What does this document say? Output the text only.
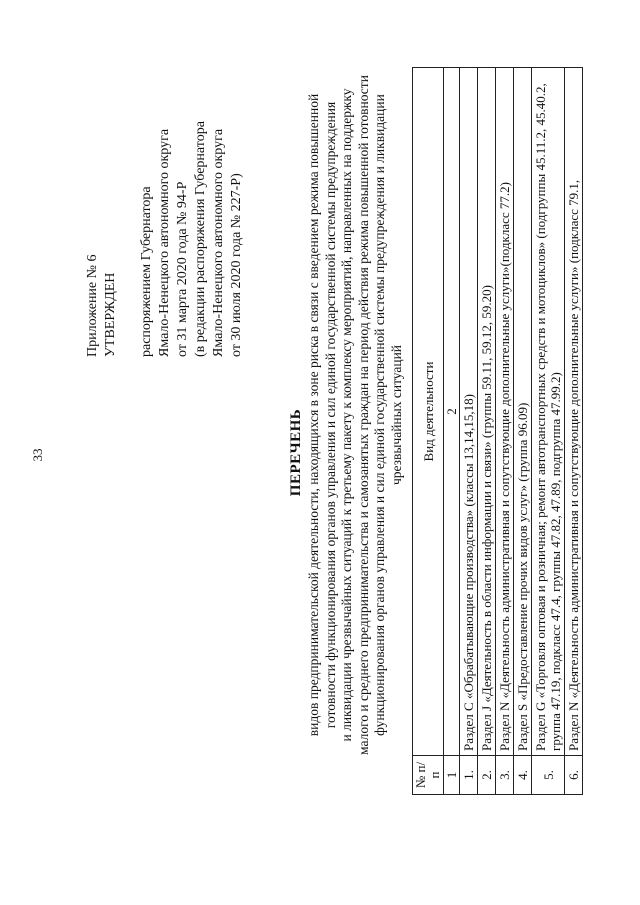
33
Приложение № 6 УТВЕРЖДЕН распоряжением Губернатора Ямало-Ненецкого автономного округа от 31 марта 2020 года № 94-Р (в редакции распоряжения Губернатора Ямало-Ненецкого автономного округа от 30 июля 2020 года № 227-Р)
ПЕРЕЧЕНЬ видов предпринимательской деятельности, находящихся в зоне риска в связи с введением режима повышенной готовности функционирования органов управления и сил единой государственной системы предупреждения и ликвидации чрезвычайных ситуаций к третьему пакету к комплексу мероприятий, направленных на поддержку малого и среднего предпринимательства и самозанятых граждан на период действия режима повышенной готовности функционирования органов управления и сил единой государственной системы предупреждения и ликвидации чрезвычайных ситуаций
№ п/п	Вид деятельности
1	2
1.	Раздел С «Обрабатывающие производства» (классы 13,14,15,18)
2.	Раздел J «Деятельность в области информации и связи» (группы 59.11, 59.12, 59.20)
3.	Раздел N «Деятельность административная и сопутствующие дополнительные услуги»(подкласс 77.2)
4.	Раздел S «Предоставление прочих видов услуг» (группа 96.09)
5.	Раздел G «Торговля оптовая и розничная; ремонт автотранспортных средств и мотоциклов» (подгруппы 45.11.2, 45.40.2, группа 47.19, подкласс 47.4, группы 47.82, 47.89, подгруппа 47.99.2)
6.	Раздел N «Деятельность административная и сопутствующие дополнительные услуги» (подкласс 79.1,
